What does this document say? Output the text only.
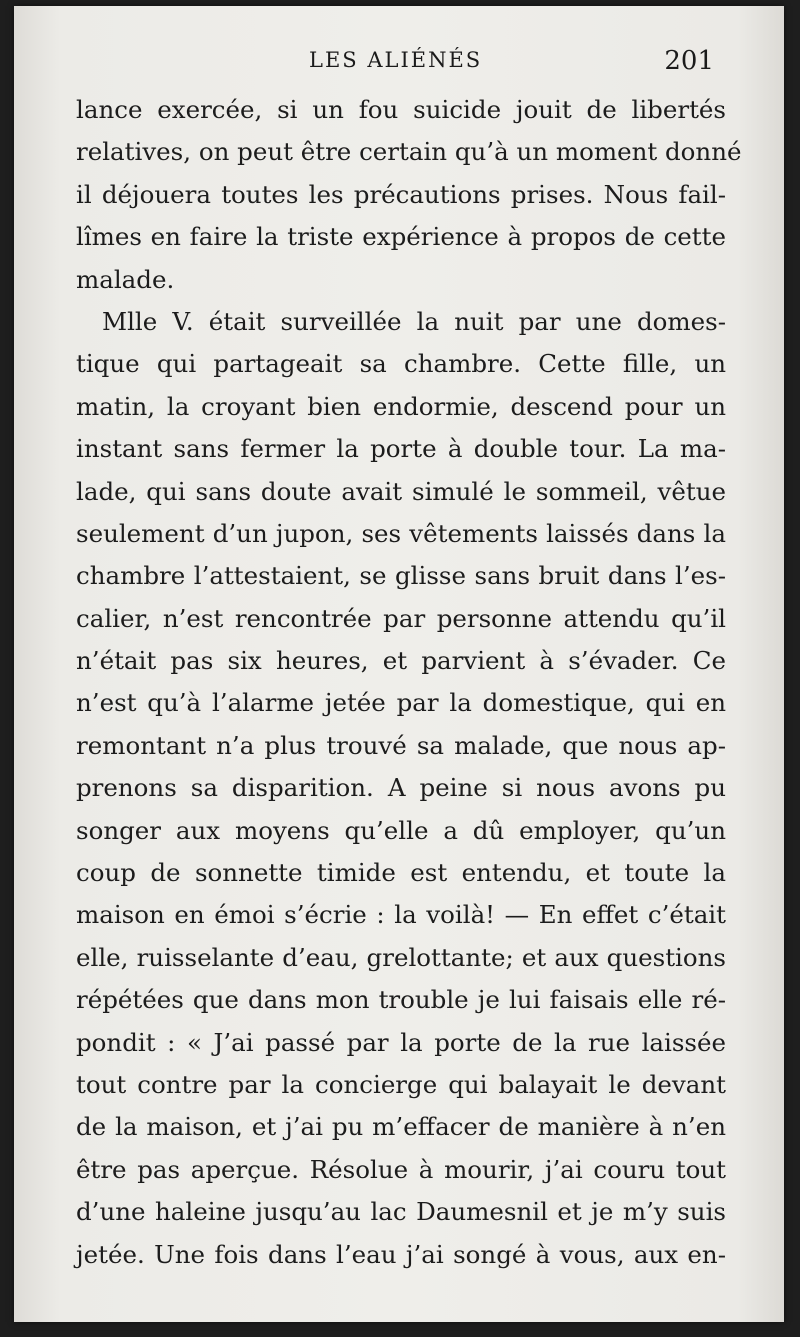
LES ALIÉNÉS	201
lance exercée, si un fou suicide jouit de libertés
relatives, on peut être certain qu’à un moment donné
il déjouera toutes les précautions prises. Nous fail-
lîmes en faire la triste expérience à propos de cette
malade.
Mlle V. était surveillée la nuit par une domes-
tique qui partageait sa chambre. Cette fille, un
matin, la croyant bien endormie, descend pour un
instant sans fermer la porte à double tour. La ma-
lade, qui sans doute avait simulé le sommeil, vêtue
seulement d’un jupon, ses vêtements laissés dans la
chambre l’attestaient, se glisse sans bruit dans l’es-
calier, n’est rencontrée par personne attendu qu’il
n’était pas six heures, et parvient à s’évader. Ce
n’est qu’à l’alarme jetée par la domestique, qui en
remontant n’a plus trouvé sa malade, que nous ap-
prenons sa disparition. A peine si nous avons pu
songer aux moyens qu’elle a dû employer, qu’un
coup de sonnette timide est entendu, et toute la
maison en émoi s’écrie : la voilà! — En effet c’était
elle, ruisselante d’eau, grelottante; et aux questions
répétées que dans mon trouble je lui faisais elle ré-
pondit : « J’ai passé par la porte de la rue laissée
tout contre par la concierge qui balayait le devant
de la maison, et j’ai pu m’effacer de manière à n’en
être pas aperçue. Résolue à mourir, j’ai couru tout
d’une haleine jusqu’au lac Daumesnil et je m’y suis
jetée. Une fois dans l’eau j’ai songé à vous, aux en-
